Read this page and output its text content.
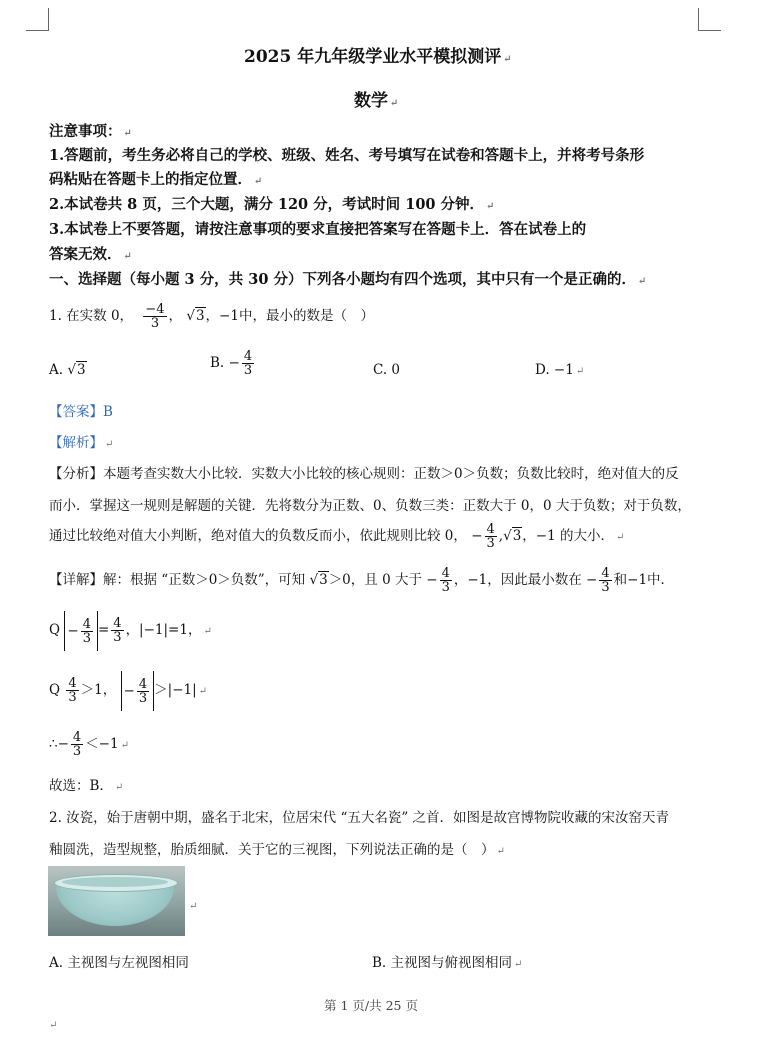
2025 年九年级学业水平模拟测评 ↵
数学 ↵
注意事项： ↵
1.答题前，考生务必将自己的学校、班级、姓名、考号填写在试卷和答题卡上，并将考号条形
码粘贴在答题卡上的指定位置． ↵
2.本试卷共 8 页，三个大题，满分 120 分，考试时间 100 分钟． ↵
3.本试卷上不要答题，请按注意事项的要求直接把答案写在答题卡上．答在试卷上的
答案无效． ↵
一、选择题（每小题 3 分，共 30 分）下列各小题均有四个选项，其中只有一个是正确的． ↵
1. 在实数 0， $\frac{-4}{3}$ ， √3，−1中，最小的数是（　）
A. √3	B. − $\frac{4}{3}$	C. 0	D. −1 ↵
【答案】B
【解析】 ↵
【分析】本题考查实数大小比较．实数大小比较的核心规则：正数＞0＞负数；负数比较时，绝对值大的反
而小．掌握这一规则是解题的关键．先将数分为正数、0、负数三类：正数大于 0，0 大于负数；对于负数，
通过比较绝对值大小判断，绝对值大的负数反而小，依此规则比较 0， − $\frac{4}{3} ,√3$，−1 的大小． ↵
【详解】解：根据 “正数＞0＞负数”，可知 √3＞0，且 0 大于 − $\frac{4}{3}$ ，−1，因此最小数在 − $\frac{4}{3}$ 和−1中．
$Q - \frac{4}{3} = \frac{4}{3}$ ，|−1|=1， ↵
Q $\frac{4}{3} >1$， − $\frac{4}{3} >|-1|$ ↵
∴− $\frac{4}{3} <-1$ ↵
故选：B． ↵
2. 汝瓷，始于唐朝中期，盛名于北宋，位居宋代 “五大名瓷” 之首．如图是故宫博物院收藏的宋汝窑天青
釉圆洗，造型规整，胎质细腻．关于它的三视图，下列说法正确的是（　） ↵
↵
A. 主视图与左视图相同	B. 主视图与俯视图相同 ↵
第 1 页/共 25 页
↵
